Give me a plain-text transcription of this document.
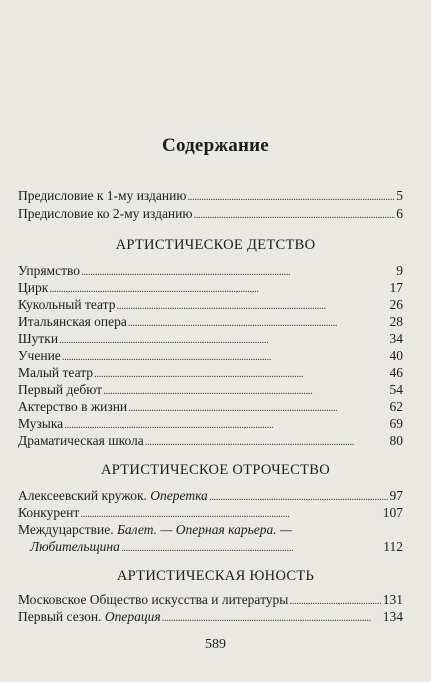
Содержание
Предисловие к 1-му изданию . . .	5
Предисловие ко 2-му изданию . . .	6
АРТИСТИЧЕСКОЕ ДЕТСТВО
Упрямство . . .	9
Цирк . . .	17
Кукольный театр . . .	26
Итальянская опера . . .	28
Шутки . . .	34
Учение . . .	40
Малый театр . . .	46
Первый дебют . . .	54
Актерство в жизни . . .	62
Музыка . . .	69
Драматическая школа . . .	80
АРТИСТИЧЕСКОЕ ОТРОЧЕСТВО
Алексеевский кружок. Оперетка . . .	97
Конкурент . . .	107
Междуцарствие. Балет. — Оперная карьера. —
Любительщина . . .	112
АРТИСТИЧЕСКАЯ ЮНОСТЬ
Московское Общество искусства и литературы . . .	131
Первый сезон. Операция . . .	134
589
